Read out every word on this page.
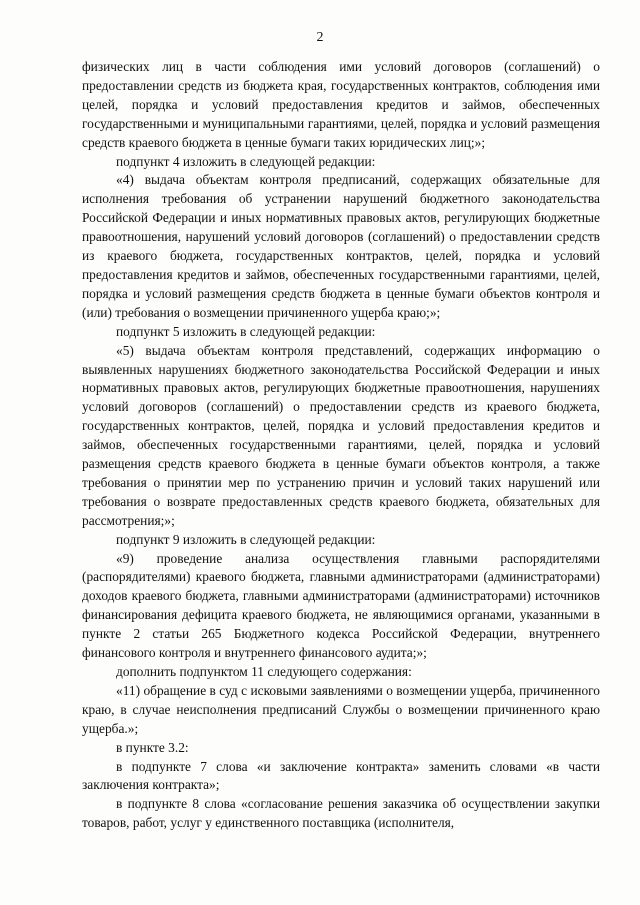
2

физических лиц в части соблюдения ими условий договоров (соглашений) о предоставлении средств из бюджета края, государственных контрактов, соблюдения ими целей, порядка и условий предоставления кредитов и займов, обеспеченных государственными и муниципальными гарантиями, целей, порядка и условий размещения средств краевого бюджета в ценные бумаги таких юридических лиц;»;

подпункт 4 изложить в следующей редакции:

«4) выдача объектам контроля предписаний, содержащих обязательные для исполнения требования об устранении нарушений бюджетного законодательства Российской Федерации и иных нормативных правовых актов, регулирующих бюджетные правоотношения, нарушений условий договоров (соглашений) о предоставлении средств из краевого бюджета, государственных контрактов, целей, порядка и условий предоставления кредитов и займов, обеспеченных государственными гарантиями, целей, порядка и условий размещения средств бюджета в ценные бумаги объектов контроля и (или) требования о возмещении причиненного ущерба краю;»;

подпункт 5 изложить в следующей редакции:

«5) выдача объектам контроля представлений, содержащих информацию о выявленных нарушениях бюджетного законодательства Российской Федерации и иных нормативных правовых актов, регулирующих бюджетные правоотношения, нарушениях условий договоров (соглашений) о предоставлении средств из краевого бюджета, государственных контрактов, целей, порядка и условий предоставления кредитов и займов, обеспеченных государственными гарантиями, целей, порядка и условий размещения средств краевого бюджета в ценные бумаги объектов контроля, а также требования о принятии мер по устранению причин и условий таких нарушений или требования о возврате предоставленных средств краевого бюджета, обязательных для рассмотрения;»;

подпункт 9 изложить в следующей редакции:

«9) проведение анализа осуществления главными распорядителями (распорядителями) краевого бюджета, главными администраторами (администраторами) доходов краевого бюджета, главными администраторами (администраторами) источников финансирования дефицита краевого бюджета, не являющимися органами, указанными в пункте 2 статьи 265 Бюджетного кодекса Российской Федерации, внутреннего финансового контроля и внутреннего финансового аудита;»;

дополнить подпунктом 11 следующего содержания:

«11) обращение в суд с исковыми заявлениями о возмещении ущерба, причиненного краю, в случае неисполнения предписаний Службы о возмещении причиненного краю ущерба.»;

в пункте 3.2:

в подпункте 7 слова «и заключение контракта» заменить словами «в части заключения контракта»;

в подпункте 8 слова «согласование решения заказчика об осуществлении закупки товаров, работ, услуг у единственного поставщика (исполнителя,
